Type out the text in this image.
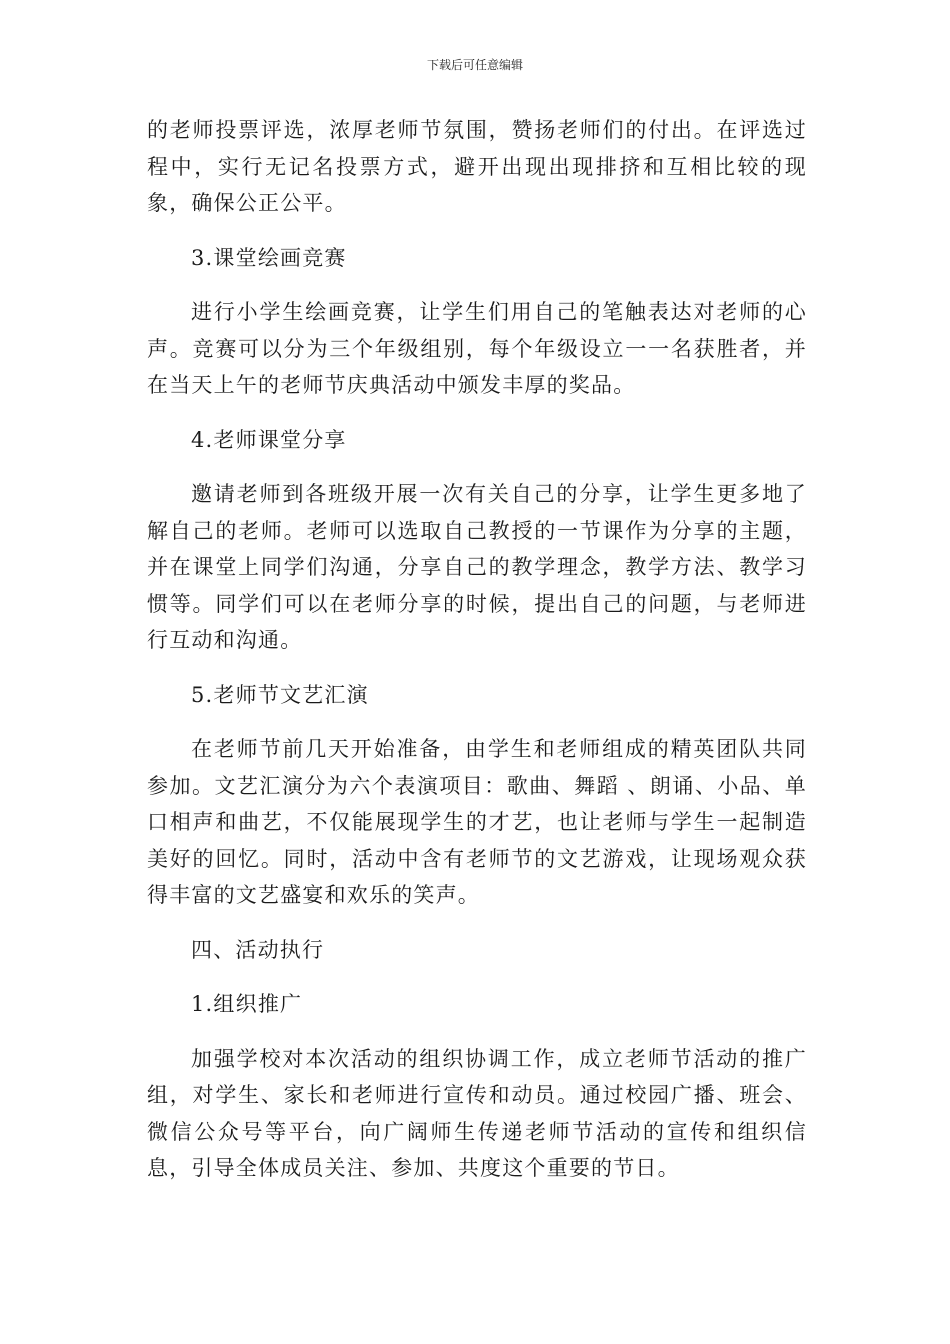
下载后可任意编辑

的老师投票评选，浓厚老师节氛围，赞扬老师们的付出。在评选过程中，实行无记名投票方式，避开出现出现排挤和互相比较的现象，确保公正公平。

3.课堂绘画竞赛

进行小学生绘画竞赛，让学生们用自己的笔触表达对老师的心声。竞赛可以分为三个年级组别，每个年级设立一一名获胜者，并在当天上午的老师节庆典活动中颁发丰厚的奖品。

4.老师课堂分享

邀请老师到各班级开展一次有关自己的分享，让学生更多地了解自己的老师。老师可以选取自己教授的一节课作为分享的主题，并在课堂上同学们沟通，分享自己的教学理念，教学方法、教学习惯等。同学们可以在老师分享的时候，提出自己的问题，与老师进行互动和沟通。

5.老师节文艺汇演

在老师节前几天开始准备，由学生和老师组成的精英团队共同参加。文艺汇演分为六个表演项目：歌曲、舞蹈 、朗诵、小品、单口相声和曲艺，不仅能展现学生的才艺，也让老师与学生一起制造美好的回忆。同时，活动中含有老师节的文艺游戏，让现场观众获得丰富的文艺盛宴和欢乐的笑声。

四、活动执行

1.组织推广

加强学校对本次活动的组织协调工作，成立老师节活动的推广组，对学生、家长和老师进行宣传和动员。通过校园广播、班会、微信公众号等平台，向广阔师生传递老师节活动的宣传和组织信息，引导全体成员关注、参加、共度这个重要的节日。
